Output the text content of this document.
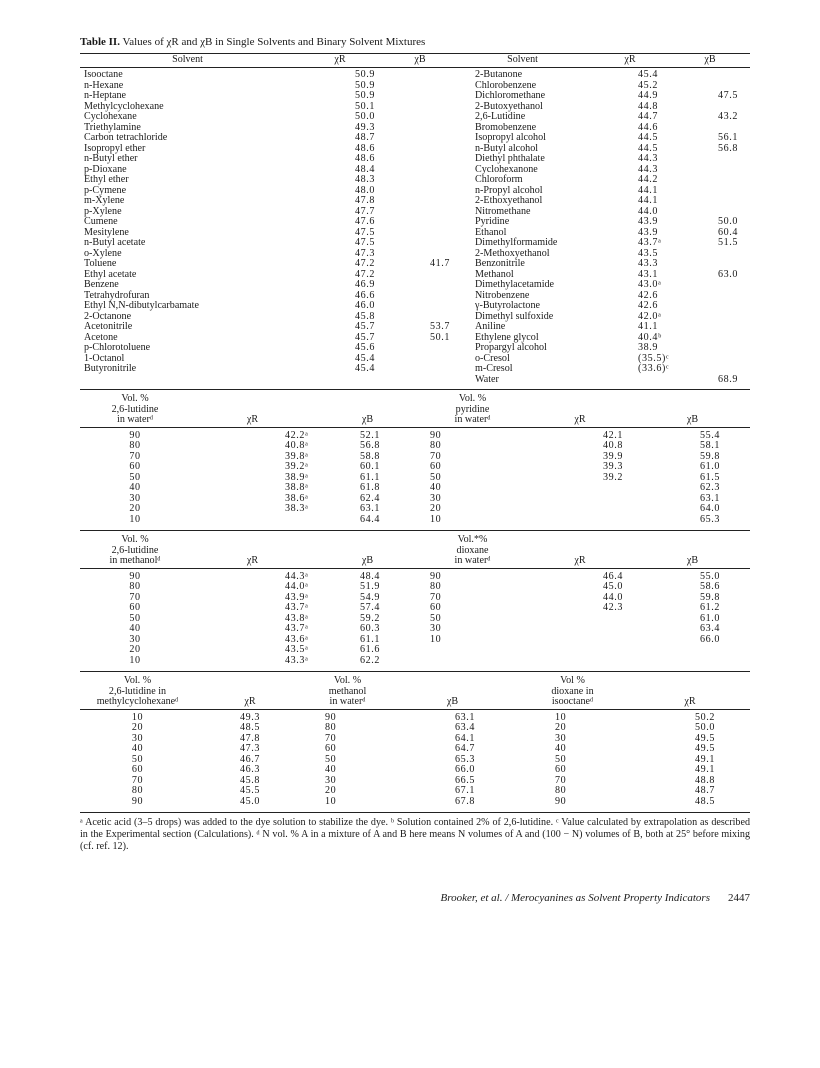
Table II. Values of χR and χB in Single Solvents and Binary Solvent Mixtures
Solvent	χR	χB	Solvent	χR	χB
Isooctane	50.9		2-Butanone	45.4	
n-Hexane	50.9		Chlorobenzene	45.2	
n-Heptane	50.9		Dichloromethane	44.9	47.5
Methylcyclohexane	50.1		2-Butoxyethanol	44.8	
Cyclohexane	50.0		2,6-Lutidine	44.7	43.2
Triethylamine	49.3		Bromobenzene	44.6	
Carbon tetrachloride	48.7		Isopropyl alcohol	44.5	56.1
Isopropyl ether	48.6		n-Butyl alcohol	44.5	56.8
n-Butyl ether	48.6		Diethyl phthalate	44.3	
p-Dioxane	48.4		Cyclohexanone	44.3	
Ethyl ether	48.3		Chloroform	44.2	
p-Cymene	48.0		n-Propyl alcohol	44.1	
m-Xylene	47.8		2-Ethoxyethanol	44.1	
p-Xylene	47.7		Nitromethane	44.0	
Cumene	47.6		Pyridine	43.9	50.0
Mesitylene	47.5		Ethanol	43.9	60.4
n-Butyl acetate	47.5		Dimethylformamide	43.7ᵃ	51.5
o-Xylene	47.3		2-Methoxyethanol	43.5	
Toluene	47.2	41.7	Benzonitrile	43.3	
Ethyl acetate	47.2		Methanol	43.1	63.0
Benzene	46.9		Dimethylacetamide	43.0ᵃ	
Tetrahydrofuran	46.6		Nitrobenzene	42.6	
Ethyl N,N-dibutylcarbamate	46.0		γ-Butyrolactone	42.6	
2-Octanone	45.8		Dimethyl sulfoxide	42.0ᵃ	
Acetonitrile	45.7	53.7	Aniline	41.1	
Acetone	45.7	50.1	Ethylene glycol	40.4ᵇ	
p-Chlorotoluene	45.6		Propargyl alcohol	38.9	
1-Octanol	45.4		o-Cresol	(35.5)ᶜ	
Butyronitrile	45.4		m-Cresol	(33.6)ᶜ	
			Water		68.9
Vol. %
2,6-lutidine
in waterᵈ	χR	χB	Vol. %
pyridine
in waterᵈ	χR	χB
90	42.2ᵃ	52.1	90	42.1	55.4
80	40.8ᵃ	56.8	80	40.8	58.1
70	39.8ᵃ	58.8	70	39.9	59.8
60	39.2ᵃ	60.1	60	39.3	61.0
50	38.9ᵃ	61.1	50	39.2	61.5
40	38.8ᵃ	61.8	40		62.3
30	38.6ᵃ	62.4	30		63.1
20	38.3ᵃ	63.1	20		64.0
10		64.4	10		65.3
Vol. %
2,6-lutidine
in methanolᵈ	χR	χB	Vol.*%
dioxane
in waterᵈ	χR	χB
90	44.3ᵃ	48.4	90	46.4	55.0
80	44.0ᵃ	51.9	80	45.0	58.6
70	43.9ᵃ	54.9	70	44.0	59.8
60	43.7ᵃ	57.4	60	42.3	61.2
50	43.8ᵃ	59.2	50		61.0
40	43.7ᵃ	60.3	30		63.4
30	43.6ᵃ	61.1	10		66.0
20	43.5ᵃ	61.6			
10	43.3ᵃ	62.2			
Vol. %
2,6-lutidine in
methylcyclohexaneᵈ	χR	Vol. %
methanol
in waterᵈ	χB	Vol %
dioxane in
isooctaneᵈ	χR
10	49.3	90	63.1	10	50.2
20	48.5	80	63.4	20	50.0
30	47.8	70	64.1	30	49.5
40	47.3	60	64.7	40	49.5
50	46.7	50	65.3	50	49.1
60	46.3	40	66.0	60	49.1
70	45.8	30	66.5	70	48.8
80	45.5	20	67.1	80	48.7
90	45.0	10	67.8	90	48.5
ᵃ Acetic acid (3–5 drops) was added to the dye solution to stabilize the dye. ᵇ Solution contained 2% of 2,6-lutidine. ᶜ Value calculated by extrapolation as described in the Experimental section (Calculations). ᵈ N vol. % A in a mixture of A and B here means N volumes of A and (100 − N) volumes of B, both at 25° before mixing (cf. ref. 12).
Brooker, et al. / Merocyanines as Solvent Property Indicators 2447
